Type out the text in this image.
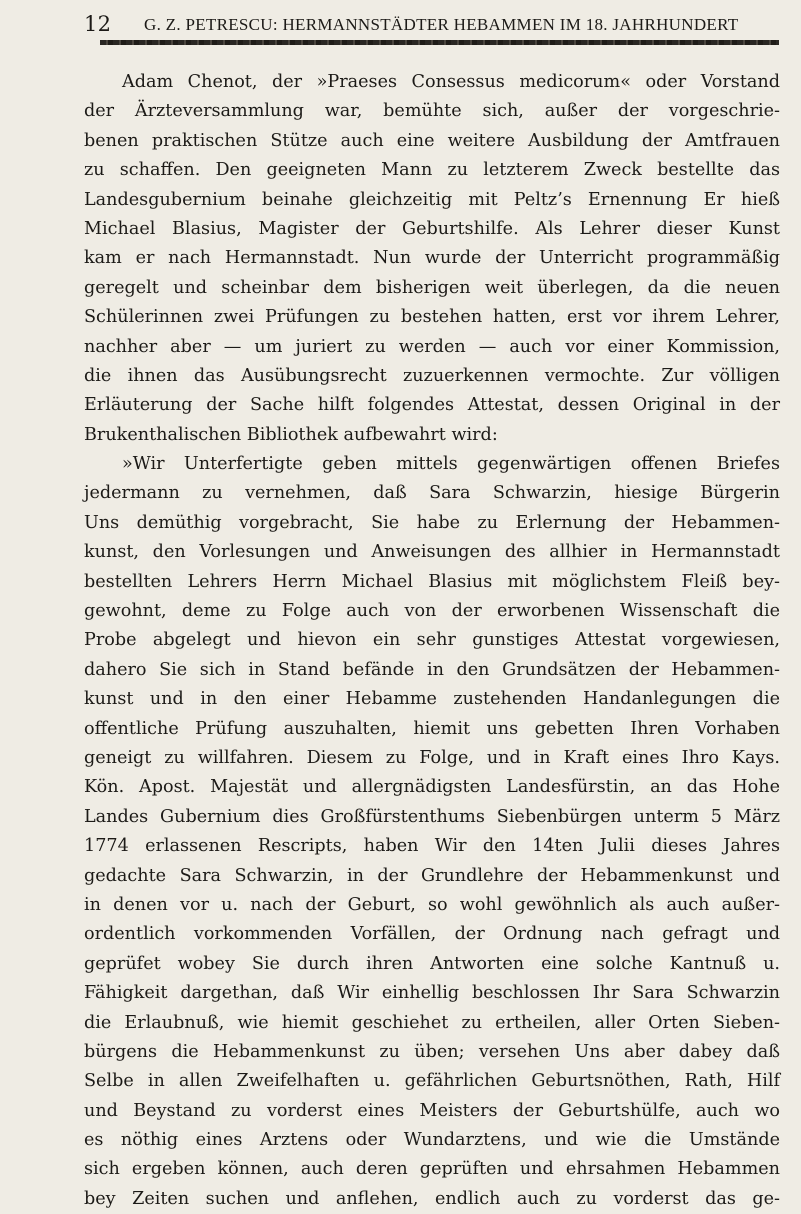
12 G. Z. PETRESCU: HERMANNSTÄDTER HEBAMMEN IM 18. JAHRHUNDERT
Adam Chenot, der »Praeses Consessus medicorum« oder Vorstand
der Ärzteversammlung war, bemühte sich, außer der vorgeschrie-
benen praktischen Stütze auch eine weitere Ausbildung der Amtfrauen
zu schaffen. Den geeigneten Mann zu letzterem Zweck bestellte das
Landesgubernium beinahe gleichzeitig mit Peltz’s Ernennung Er hieß
Michael Blasius, Magister der Geburtshilfe. Als Lehrer dieser Kunst
kam er nach Hermannstadt. Nun wurde der Unterricht programmäßig
geregelt und scheinbar dem bisherigen weit überlegen, da die neuen
Schülerinnen zwei Prüfungen zu bestehen hatten, erst vor ihrem Lehrer,
nachher aber — um juriert zu werden — auch vor einer Kommission,
die ihnen das Ausübungsrecht zuzuerkennen vermochte. Zur völligen
Erläuterung der Sache hilft folgendes Attestat, dessen Original in der
Brukenthalischen Bibliothek aufbewahrt wird:
»Wir Unterfertigte geben mittels gegenwärtigen offenen Briefes
jedermann zu vernehmen, daß Sara Schwarzin, hiesige Bürgerin
Uns demüthig vorgebracht, Sie habe zu Erlernung der Hebammen-
kunst, den Vorlesungen und Anweisungen des allhier in Hermannstadt
bestellten Lehrers Herrn Michael Blasius mit möglichstem Fleiß bey-
gewohnt, deme zu Folge auch von der erworbenen Wissenschaft die
Probe abgelegt und hievon ein sehr gunstiges Attestat vorgewiesen,
dahero Sie sich in Stand befände in den Grundsätzen der Hebammen-
kunst und in den einer Hebamme zustehenden Handanlegungen die
offentliche Prüfung auszuhalten, hiemit uns gebetten Ihren Vorhaben
geneigt zu willfahren. Diesem zu Folge, und in Kraft eines Ihro Kays.
Kön. Apost. Majestät und allergnädigsten Landesfürstin, an das Hohe
Landes Gubernium dies Großfürstenthums Siebenbürgen unterm 5 März
1774 erlassenen Rescripts, haben Wir den 14ten Julii dieses Jahres
gedachte Sara Schwarzin, in der Grundlehre der Hebammenkunst und
in denen vor u. nach der Geburt, so wohl gewöhnlich als auch außer-
ordentlich vorkommenden Vorfällen, der Ordnung nach gefragt und
geprüfet wobey Sie durch ihren Antworten eine solche Kantnuß u.
Fähigkeit dargethan, daß Wir einhellig beschlossen Ihr Sara Schwarzin
die Erlaubnuß, wie hiemit geschiehet zu ertheilen, aller Orten Sieben-
bürgens die Hebammenkunst zu üben; versehen Uns aber dabey daß
Selbe in allen Zweifelhaften u. gefährlichen Geburtsnöthen, Rath, Hilf
und Beystand zu vorderst eines Meisters der Geburtshülfe, auch wo
es nöthig eines Arztens oder Wundarztens, und wie die Umstände
sich ergeben können, auch deren geprüften und ehrsahmen Hebammen
bey Zeiten suchen und anflehen, endlich auch zu vorderst das ge-
